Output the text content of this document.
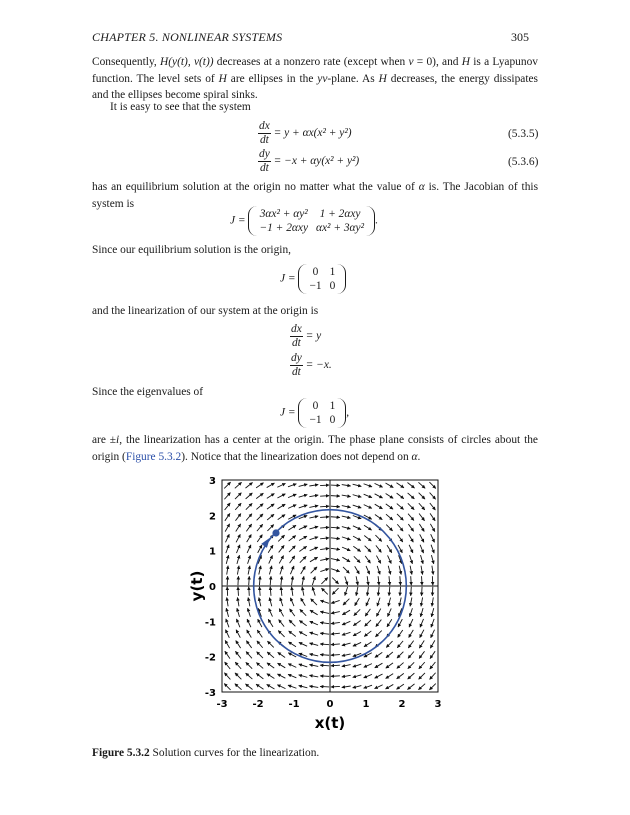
CHAPTER 5. NONLINEAR SYSTEMS	305

Consequently, H(y(t), v(t)) decreases at a nonzero rate (except when v = 0), and H is a Lyapunov function. The level sets of H are ellipses in the yv-plane. As H decreases, the energy dissipates and the ellipses become spiral sinks.

It is easy to see that the system

$\frac{dx}{dt} = y + \alpha x(x^2 + y^2)$	(5.3.5)
$\frac{dy}{dt} = -x + \alpha y(x^2 + y^2)$	(5.3.6)

has an equilibrium solution at the origin no matter what the value of α is. The Jacobian of this system is

J =
3αx² + αy²	1 + 2αxy
−1 + 2αxy	αx² + 3αy²
.

Since our equilibrium solution is the origin,

J =
0	1
−1	0

and the linearization of our system at the origin is

$\frac{dx}{dt} = y$
$\frac{dy}{dt} = -x$.

Since the eigenvalues of

J =
0	1
−1	0
,

are ±i, the linearization has a center at the origin. The phase plane consists of circles about the origin (Figure 5.3.2). Notice that the linearization does not depend on α.

-3 -2 -1	0	1	2	3
3
2
1
0
-1
-2
-3
x(t)
y(t)
Figure 5.3.2 Solution curves for the linearization.
